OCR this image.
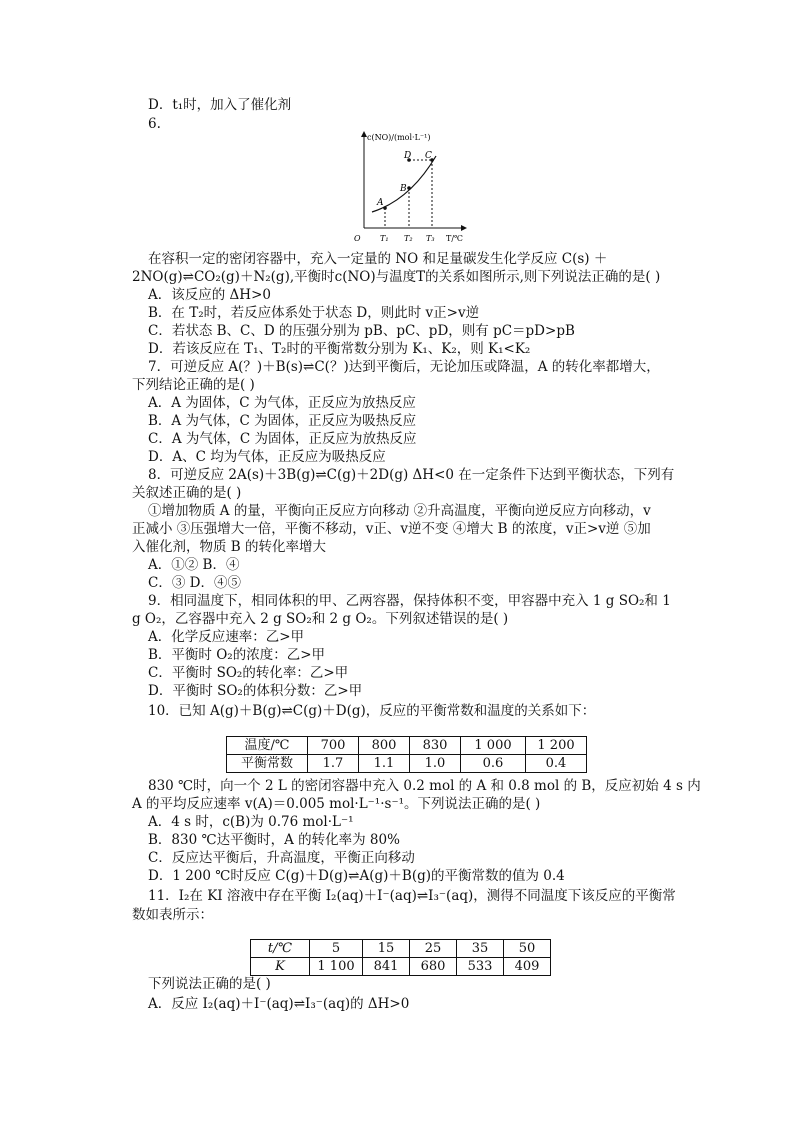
D．t₁时，加入了催化剂
6.
c(NO)/(mol·L⁻¹)
T/℃
O
A
B
C
D
T₁ T₂ T₃
在容积一定的密闭容器中，充入一定量的 NO 和足量碳发生化学反应 C(s) ＋
2NO(g)⇌CO₂(g)＋N₂(g),平衡时c(NO)与温度T的关系如图所示,则下列说法正确的是( )
A．该反应的 ΔH>0
B．在 T₂时，若反应体系处于状态 D，则此时 v正>v逆
C．若状态 B、C、D 的压强分别为 pB、pC、pD，则有 pC＝pD>pB
D．若该反应在 T₁、T₂时的平衡常数分别为 K₁、K₂，则 K₁<K₂
7．可逆反应 A(？)＋B(s)⇌C(？)达到平衡后，无论加压或降温，A 的转化率都增大，
下列结论正确的是( )
A．A 为固体，C 为气体，正反应为放热反应
B．A 为气体，C 为固体，正反应为吸热反应
C．A 为气体，C 为固体，正反应为放热反应
D．A、C 均为气体，正反应为吸热反应
8．可逆反应 2A(s)＋3B(g)⇌C(g)＋2D(g) ΔH<0 在一定条件下达到平衡状态，下列有
关叙述正确的是( )
①增加物质 A 的量，平衡向正反应方向移动 ②升高温度，平衡向逆反应方向移动，v
正减小 ③压强增大一倍，平衡不移动，v正、v逆不变 ④增大 B 的浓度，v正>v逆 ⑤加
入催化剂，物质 B 的转化率增大
A．①② B．④
C．③ D．④⑤
9．相同温度下，相同体积的甲、乙两容器，保持体积不变，甲容器中充入 1 g SO₂和 1
g O₂，乙容器中充入 2 g SO₂和 2 g O₂。下列叙述错误的是( )
A．化学反应速率：乙>甲
B．平衡时 O₂的浓度：乙>甲
C．平衡时 SO₂的转化率：乙>甲
D．平衡时 SO₂的体积分数：乙>甲
10．已知 A(g)＋B(g)⇌C(g)＋D(g)，反应的平衡常数和温度的关系如下：
温度/℃	700	800	830	1 000	1 200
平衡常数	1.7	1.1	1.0	0.6	0.4
830 ℃时，向一个 2 L 的密闭容器中充入 0.2 mol 的 A 和 0.8 mol 的 B，反应初始 4 s 内
A 的平均反应速率 v(A)＝0.005 mol·L⁻¹·s⁻¹。下列说法正确的是( )
A．4 s 时，c(B)为 0.76 mol·L⁻¹
B．830 ℃达平衡时，A 的转化率为 80%
C．反应达平衡后，升高温度，平衡正向移动
D．1 200 ℃时反应 C(g)＋D(g)⇌A(g)＋B(g)的平衡常数的值为 0.4
11．I₂在 KI 溶液中存在平衡 I₂(aq)＋I⁻(aq)⇌I₃⁻(aq)，测得不同温度下该反应的平衡常
数如表所示：
t/℃	5	15	25	35	50
K	1 100	841	680	533	409
下列说法正确的是( )
A．反应 I₂(aq)＋I⁻(aq)⇌I₃⁻(aq)的 ΔH>0
